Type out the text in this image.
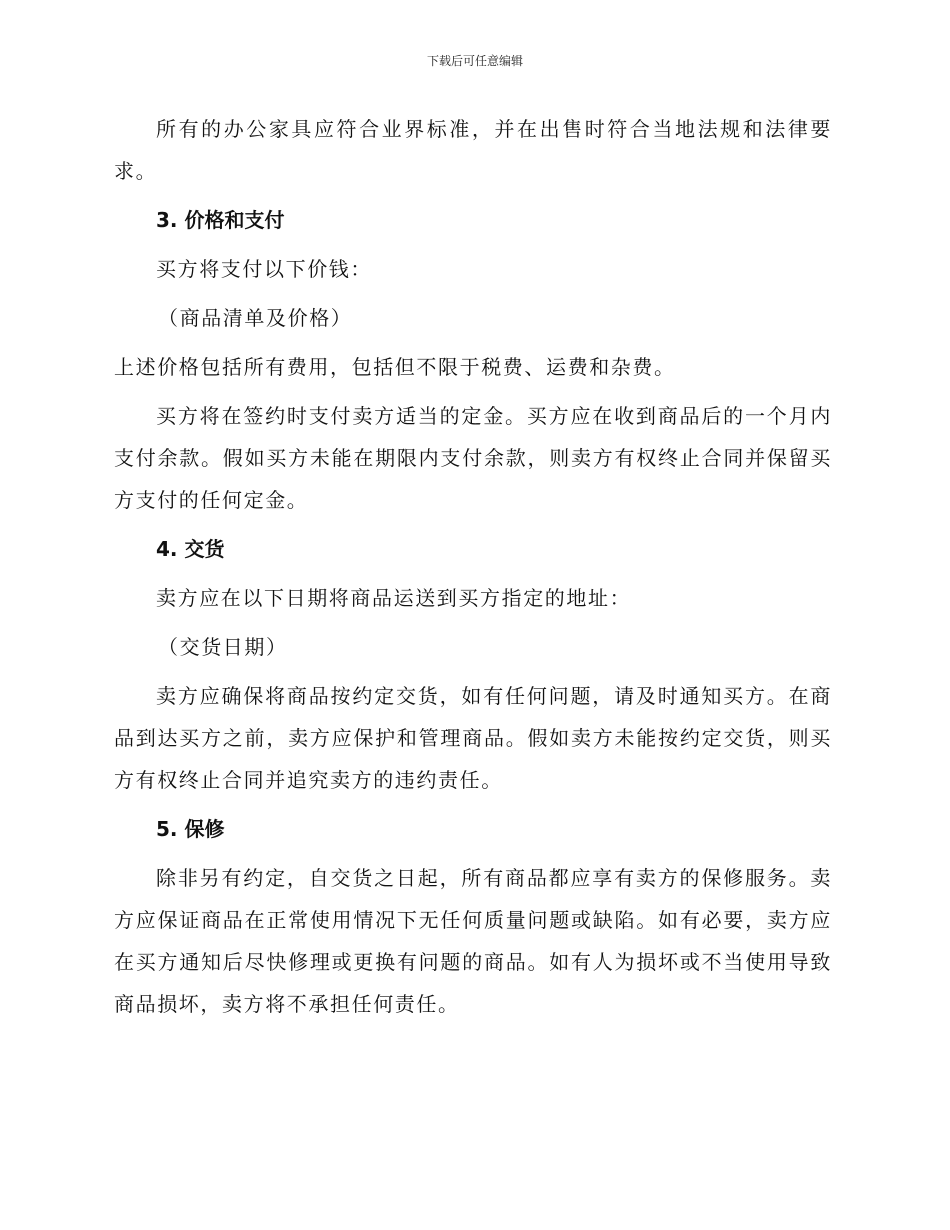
下载后可任意编辑

所有的办公家具应符合业界标准，并在出售时符合当地法规和法律要求。

3. 价格和支付

买方将支付以下价钱：

（商品清单及价格）

上述价格包括所有费用，包括但不限于税费、运费和杂费。

买方将在签约时支付卖方适当的定金。买方应在收到商品后的一个月内支付余款。假如买方未能在期限内支付余款，则卖方有权终止合同并保留买方支付的任何定金。

4. 交货

卖方应在以下日期将商品运送到买方指定的地址：

（交货日期）

卖方应确保将商品按约定交货，如有任何问题，请及时通知买方。在商品到达买方之前，卖方应保护和管理商品。假如卖方未能按约定交货，则买方有权终止合同并追究卖方的违约责任。

5. 保修

除非另有约定，自交货之日起，所有商品都应享有卖方的保修服务。卖方应保证商品在正常使用情况下无任何质量问题或缺陷。如有必要，卖方应在买方通知后尽快修理或更换有问题的商品。如有人为损坏或不当使用导致商品损坏，卖方将不承担任何责任。
